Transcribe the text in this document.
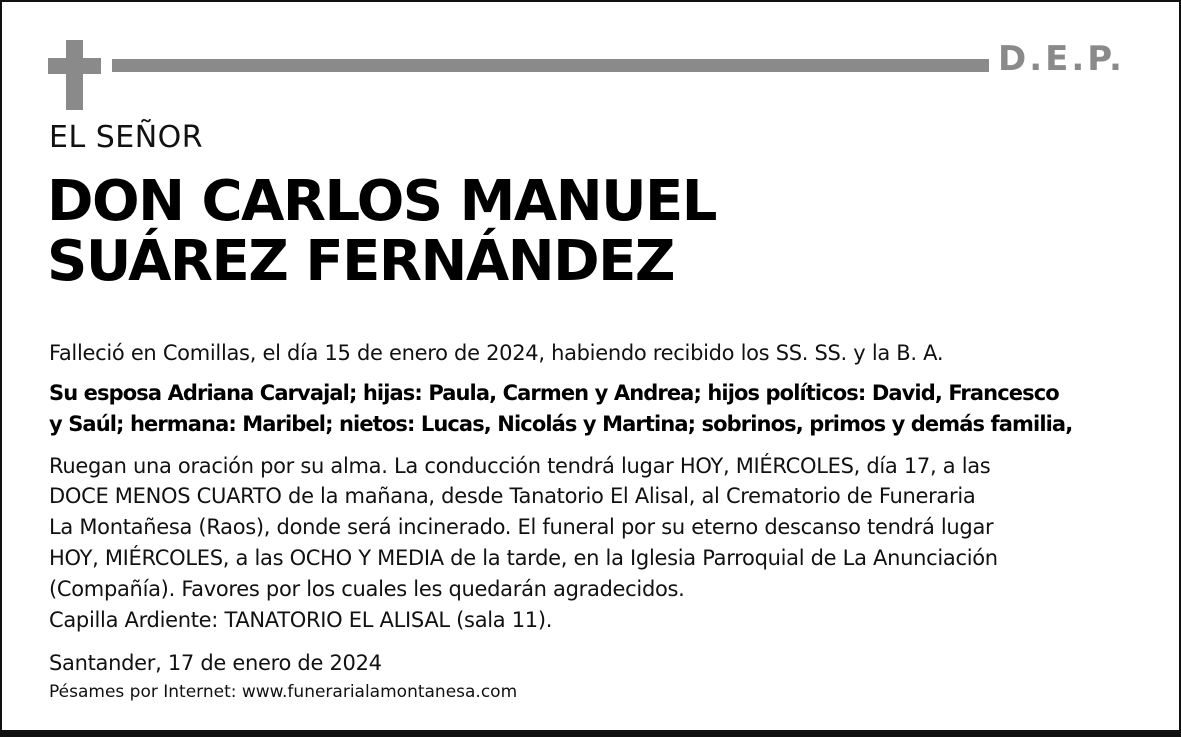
D.E.P.
EL SEÑOR
DON CARLOS MANUEL
SUÁREZ FERNÁNDEZ
Falleció en Comillas, el día 15 de enero de 2024, habiendo recibido los SS. SS. y la B. A.
Su esposa Adriana Carvajal; hijas: Paula, Carmen y Andrea; hijos políticos: David, Francesco
y Saúl; hermana: Maribel; nietos: Lucas, Nicolás y Martina; sobrinos, primos y demás familia,
Ruegan una oración por su alma. La conducción tendrá lugar HOY, MIÉRCOLES, día 17, a las
DOCE MENOS CUARTO de la mañana, desde Tanatorio El Alisal, al Crematorio de Funeraria
La Montañesa (Raos), donde será incinerado. El funeral por su eterno descanso tendrá lugar
HOY, MIÉRCOLES, a las OCHO Y MEDIA de la tarde, en la Iglesia Parroquial de La Anunciación
(Compañía). Favores por los cuales les quedarán agradecidos.
Capilla Ardiente: TANATORIO EL ALISAL (sala 11).
Santander, 17 de enero de 2024
Pésames por Internet: www.funerarialamontanesa.com
